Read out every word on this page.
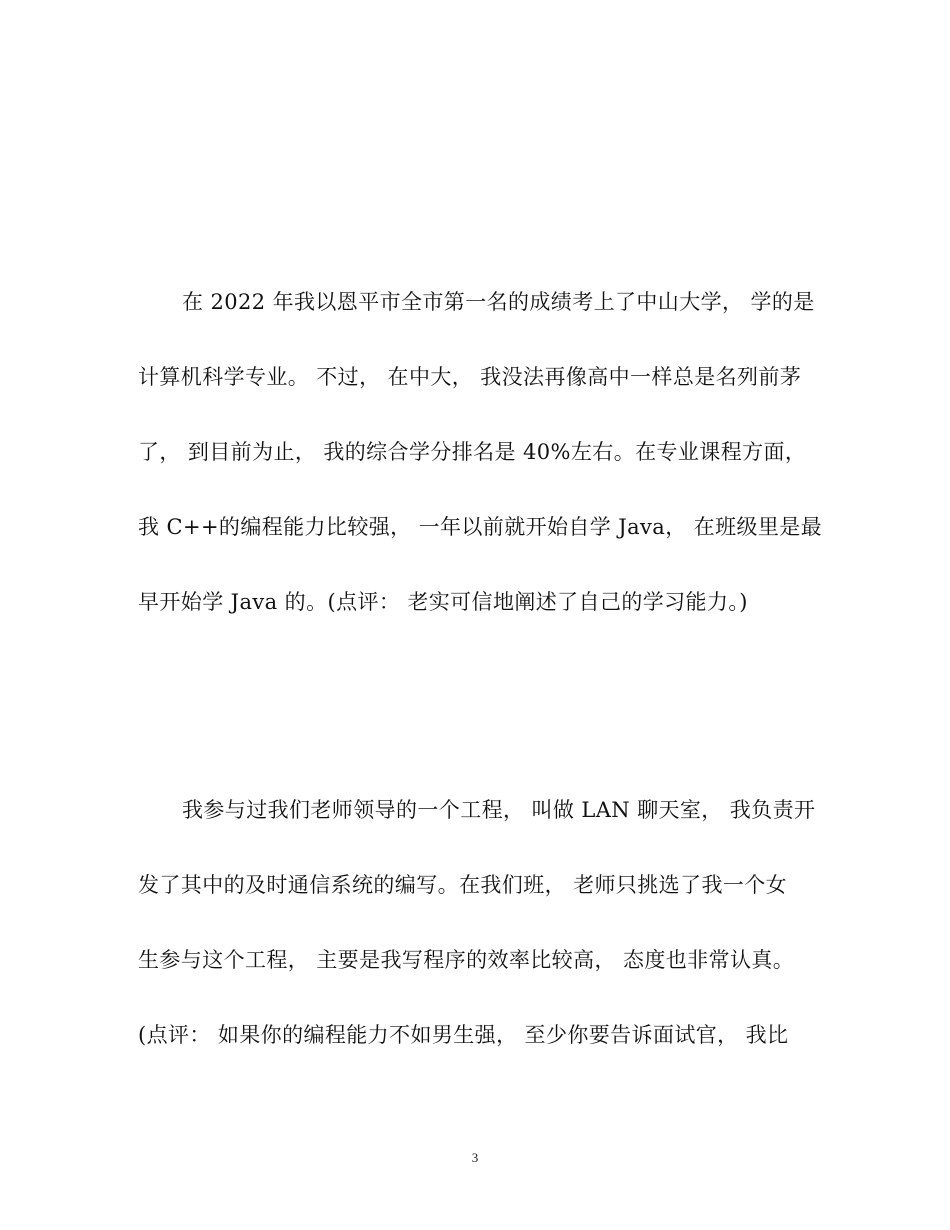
在 2022 年我以恩平市全市第一名的成绩考上了中山大学， 学的是
计算机科学专业。 不过， 在中大， 我没法再像高中一样总是名列前茅
了， 到目前为止， 我的综合学分排名是 40%左右。在专业课程方面，
我 C++的编程能力比较强， 一年以前就开始自学 Java， 在班级里是最
早开始学 Java 的。(点评： 老实可信地阐述了自己的学习能力。)
我参与过我们老师领导的一个工程， 叫做 LAN 聊天室， 我负责开
发了其中的及时通信系统的编写。在我们班， 老师只挑选了我一个女
生参与这个工程， 主要是我写程序的效率比较高， 态度也非常认真。
(点评： 如果你的编程能力不如男生强， 至少你要告诉面试官， 我比
3
